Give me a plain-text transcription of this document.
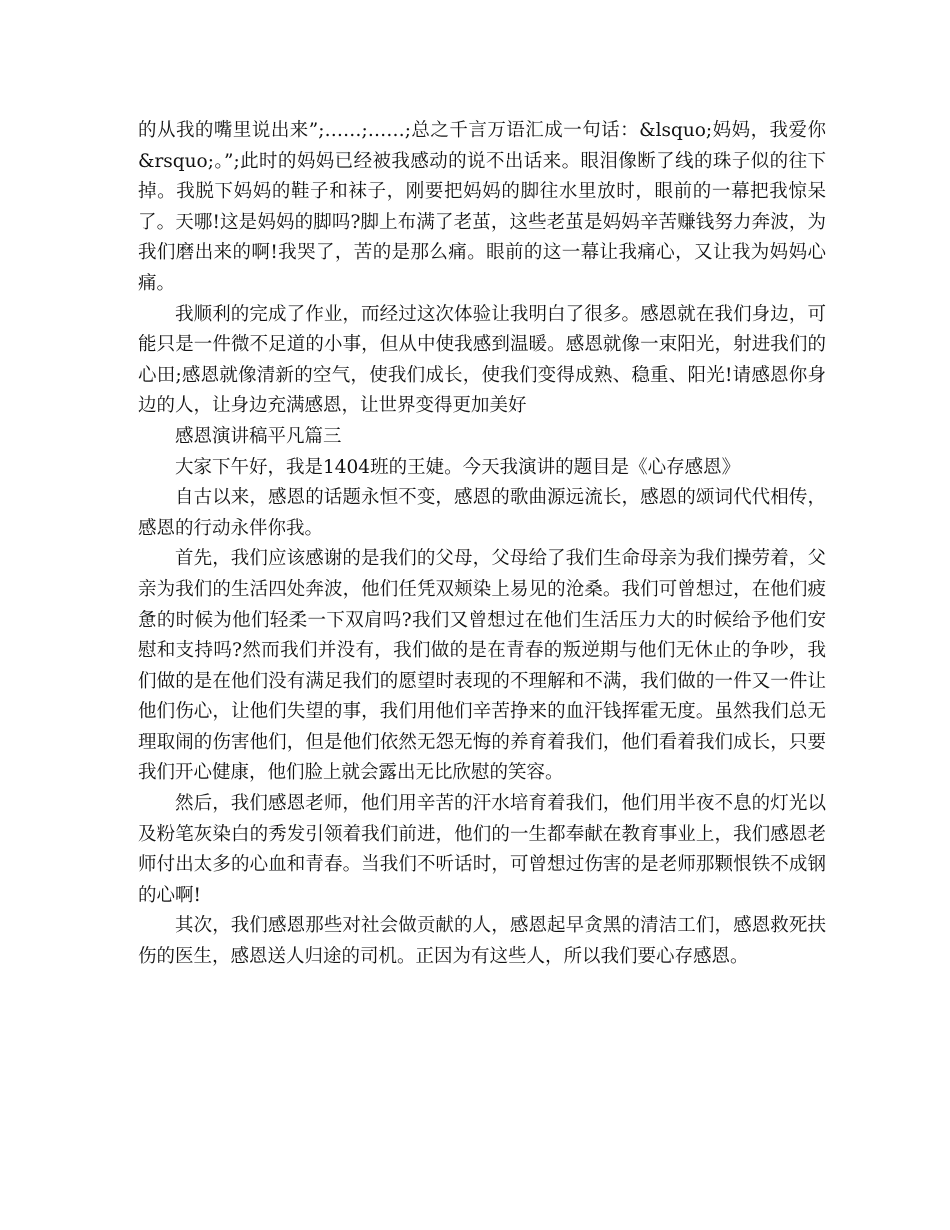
的从我的嘴里说出来”;……;……;总之千言万语汇成一句话：&lsquo;妈妈，我爱你&rsquo;。”;此时的妈妈已经被我感动的说不出话来。眼泪像断了线的珠子似的往下掉。我脱下妈妈的鞋子和袜子，刚要把妈妈的脚往水里放时，眼前的一幕把我惊呆了。天哪!这是妈妈的脚吗?脚上布满了老茧，这些老茧是妈妈辛苦赚钱努力奔波，为我们磨出来的啊!我哭了，苦的是那么痛。眼前的这一幕让我痛心，又让我为妈妈心痛。

我顺利的完成了作业，而经过这次体验让我明白了很多。感恩就在我们身边，可能只是一件微不足道的小事，但从中使我感到温暖。感恩就像一束阳光，射进我们的心田;感恩就像清新的空气，使我们成长，使我们变得成熟、稳重、阳光!请感恩你身边的人，让身边充满感恩，让世界变得更加美好

感恩演讲稿平凡篇三

大家下午好，我是1404班的王婕。今天我演讲的题目是《心存感恩》

自古以来，感恩的话题永恒不变，感恩的歌曲源远流长，感恩的颂词代代相传，感恩的行动永伴你我。

首先，我们应该感谢的是我们的父母，父母给了我们生命母亲为我们操劳着，父亲为我们的生活四处奔波，他们任凭双颊染上易见的沧桑。我们可曾想过，在他们疲惫的时候为他们轻柔一下双肩吗?我们又曾想过在他们生活压力大的时候给予他们安慰和支持吗?然而我们并没有，我们做的是在青春的叛逆期与他们无休止的争吵，我们做的是在他们没有满足我们的愿望时表现的不理解和不满，我们做的一件又一件让他们伤心，让他们失望的事，我们用他们辛苦挣来的血汗钱挥霍无度。虽然我们总无理取闹的伤害他们，但是他们依然无怨无悔的养育着我们，他们看着我们成长，只要我们开心健康，他们脸上就会露出无比欣慰的笑容。

然后，我们感恩老师，他们用辛苦的汗水培育着我们，他们用半夜不息的灯光以及粉笔灰染白的秀发引领着我们前进，他们的一生都奉献在教育事业上，我们感恩老师付出太多的心血和青春。当我们不听话时，可曾想过伤害的是老师那颗恨铁不成钢的心啊!

其次，我们感恩那些对社会做贡献的人，感恩起早贪黑的清洁工们，感恩救死扶伤的医生，感恩送人归途的司机。正因为有这些人，所以我们要心存感恩。
